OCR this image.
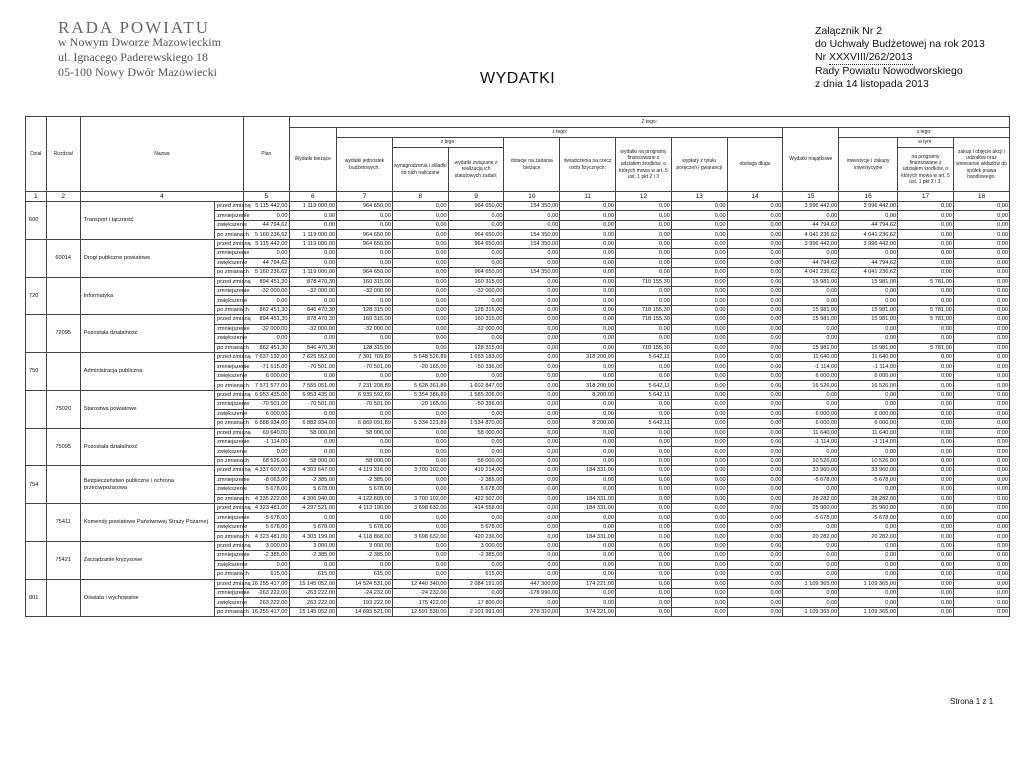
RADA POWIATU
w Nowym Dworze Mazowieckim
ul. Ignacego Paderewskiego 18
05-100 Nowy Dwór Mazowiecki	WYDATKI
Załącznik Nr 2
do Uchwały Budżetowej na rok 2013
Nr XXXVIII/262/2013
Rady Powiatu Nowodworskiego
z dnia 14 listopada 2013
Dział	Rozdział	Nazwa		Plan	Z tego:												
					Wydatki bieżące	z tego:								Wydatki majątkowe	z tego:		
						wydatki jednostek budżetowych,	z tego:		dotacje na zadania bieżące	świadczenia na rzecz osób fizycznych;	wydatki na programy finansowane z udziałem środków, o których mowa w art. 5 ust. 1 pkt 2 i 3	wypłaty z tytułu poręczeń i gwarancji	obsługa długu		inwestycje i zakupy inwestycyjne	w tym:	zakup i objęcie akcji i udziałów oraz wniesienie wkładów do spółek prawa handlowego.
							wynagrodzenia i składki od nich naliczane	wydatki związane z realizacją ich statutowych zadań;								na programy finansowane z udziałem środków, o których mowa w art. 5 ust. 1 pkt 2 i 3,	
1	2	4		5	6	7	8	9	10	11	12	13	14	15	16	17	18
600		Transport i łączność	przed zmianą	5 115 442,00	1 119 000,00	964 650,00	0,00	964 650,00	154 350,00	0,00	0,00	0,00	0,00	3 996 442,00	3 996 442,00	0,00	0,00
			zmniejszenie	0,00	0,00	0,00	0,00	0,00	0,00	0,00	0,00	0,00	0,00	0,00	0,00	0,00	0,00
			zwiększenie	44 794,62	0,00	0,00	0,00	0,00	0,00	0,00	0,00	0,00	0,00	44 794,62	44 794,62	0,00	0,00
			po zmianach	5 160 236,62	1 119 000,00	964 650,00	0,00	964 650,00	154 350,00	0,00	0,00	0,00	0,00	4 041 236,62	4 041 236,62	0,00	0,00
	60014	Drogi publiczne powiatowe	przed zmianą	5 115 442,00	1 119 000,00	964 650,00	0,00	964 650,00	154 350,00	0,00	0,00	0,00	0,00	3 996 442,00	3 996 442,00	0,00	0,00
			zmniejszenie	0,00	0,00	0,00	0,00	0,00	0,00	0,00	0,00	0,00	0,00	0,00	0,00	0,00	0,00
			zwiększenie	44 794,62	0,00	0,00	0,00	0,00	0,00	0,00	0,00	0,00	0,00	44 794,62	44 794,62	0,00	0,00
			po zmianach	5 160 236,62	1 119 000,00	964 650,00	0,00	964 650,00	154 350,00	0,00	0,00	0,00	0,00	4 041 236,62	4 041 236,62	0,00	0,00
720		Informatyka	przed zmianą	894 451,30	878 470,30	160 315,00	0,00	160 315,00	0,00	0,00	718 155,30	0,00	0,00	15 981,00	15 981,00	5 781,00	0,00
			zmniejszenie	-32 000,00	-32 000,00	-32 000,00	0,00	-32 000,00	0,00	0,00	0,00	0,00	0,00	0,00	0,00	0,00	0,00
			zwiększenie	0,00	0,00	0,00	0,00	0,00	0,00	0,00	0,00	0,00	0,00	0,00	0,00	0,00	0,00
			po zmianach	862 451,30	846 470,30	128 315,00	0,00	128 315,00	0,00	0,00	718 155,30	0,00	0,00	15 981,00	15 981,00	5 781,00	0,00
	72095	Pozostała działalność	przed zmianą	894 451,30	878 470,30	160 315,00	0,00	160 315,00	0,00	0,00	718 155,30	0,00	0,00	15 981,00	15 981,00	5 781,00	0,00
			zmniejszenie	-32 000,00	-32 000,00	-32 000,00	0,00	-32 000,00	0,00	0,00	0,00	0,00	0,00	0,00	0,00	0,00	0,00
			zwiększenie	0,00	0,00	0,00	0,00	0,00	0,00	0,00	0,00	0,00	0,00	0,00	0,00	0,00	0,00
			po zmianach	862 451,30	846 470,30	128 315,00	0,00	128 315,00	0,00	0,00	718 155,30	0,00	0,00	15 981,00	15 981,00	5 781,00	0,00
750		Administracja publiczna	przed zmianą	7 637 192,00	7 625 552,00	7 301 709,89	5 648 526,89	1 653 183,00	0,00	318 200,00	5 642,11	0,00	0,00	11 640,00	11 640,00	0,00	0,00
			zmniejszenie	-71 615,00	-70 501,00	-70 501,00	-20 165,00	-50 336,00	0,00	0,00	0,00	0,00	0,00	-1 114,00	-1 114,00	0,00	0,00
			zwiększenie	6 000,00	0,00	0,00	0,00	0,00	0,00	0,00	0,00	0,00	0,00	6 000,00	6 000,00	0,00	0,00
			po zmianach	7 571 577,00	7 555 051,00	7 231 208,89	5 628 361,89	1 602 847,00	0,00	318 200,00	5 642,11	0,00	0,00	16 526,00	16 526,00	0,00	0,00
	75020	Starostwa powiatowe	przed zmianą	6 953 435,00	6 953 435,00	6 939 592,89	5 354 386,89	1 585 206,00	0,00	8 200,00	5 642,11	0,00	0,00	0,00	0,00	0,00	0,00
			zmniejszenie	-70 501,00	-70 501,00	-70 501,00	-20 165,00	-50 336,00	0,00	0,00	0,00	0,00	0,00	0,00	0,00	0,00	0,00
			zwiększenie	6 000,00	0,00	0,00	0,00	0,00	0,00	0,00	0,00	0,00	0,00	6 000,00	6 000,00	0,00	0,00
			po zmianach	6 888 934,00	6 882 934,00	6 869 091,89	5 334 221,89	1 534 870,00	0,00	8 200,00	5 642,11	0,00	0,00	6 000,00	6 000,00	0,00	0,00
	75095	Pozostała działalność	przed zmianą	69 640,00	58 000,00	58 000,00	0,00	58 000,00	0,00	0,00	0,00	0,00	0,00	11 640,00	11 640,00	0,00	0,00
			zmniejszenie	-1 114,00	0,00	0,00	0,00	0,00	0,00	0,00	0,00	0,00	0,00	-1 114,00	-1 114,00	0,00	0,00
			zwiększenie	0,00	0,00	0,00	0,00	0,00	0,00	0,00	0,00	0,00	0,00	0,00	0,00	0,00	0,00
			po zmianach	68 526,00	58 000,00	58 000,00	0,00	58 000,00	0,00	0,00	0,00	0,00	0,00	10 526,00	10 526,00	0,00	0,00
754		Bezpieczeństwo publiczne i ochrona przeciwpożarowa	przed zmianą	4 337 607,00	4 303 647,00	4 119 316,00	3 700 102,00	419 214,00	0,00	184 331,00	0,00	0,00	0,00	33 960,00	33 960,00	0,00	0,00
			zmniejszenie	-8 063,00	-2 385,00	-2 385,00	0,00	-2 385,00	0,00	0,00	0,00	0,00	0,00	-5 678,00	-5 678,00	0,00	0,00
			zwiększenie	5 678,00	5 678,00	5 678,00	0,00	5 678,00	0,00	0,00	0,00	0,00	0,00	0,00	0,00	0,00	0,00
			po zmianach	4 335 222,00	4 306 940,00	4 122 609,00	3 700 102,00	422 507,00	0,00	184 331,00	0,00	0,00	0,00	28 282,00	28 282,00	0,00	0,00
	75411	Komendy powiatowe Państwowej Straży Pożarnej	przed zmianą	4 323 481,00	4 297 521,00	4 113 190,00	3 698 632,00	414 558,00	0,00	184 331,00	0,00	0,00	0,00	25 960,00	25 960,00	0,00	0,00
			zmniejszenie	-5 678,00	0,00	0,00	0,00	0,00	0,00	0,00	0,00	0,00	0,00	-5 678,00	-5 678,00	0,00	0,00
			zwiększenie	5 678,00	5 678,00	5 678,00	0,00	5 678,00	0,00	0,00	0,00	0,00	0,00	0,00	0,00	0,00	0,00
			po zmianach	4 323 481,00	4 303 199,00	4 118 868,00	3 698 632,00	420 236,00	0,00	184 331,00	0,00	0,00	0,00	20 282,00	20 282,00	0,00	0,00
	75421	Zarządzanie kryzysowe	przed zmianą	3 000,00	3 000,00	3 000,00	0,00	3 000,00	0,00	0,00	0,00	0,00	0,00	0,00	0,00	0,00	0,00
			zmniejszenie	-2 385,00	-2 385,00	-2 385,00	0,00	-2 385,00	0,00	0,00	0,00	0,00	0,00	0,00	0,00	0,00	0,00
			zwiększenie	0,00	0,00	0,00	0,00	0,00	0,00	0,00	0,00	0,00	0,00	0,00	0,00	0,00	0,00
			po zmianach	615,00	615,00	615,00	0,00	615,00	0,00	0,00	0,00	0,00	0,00	0,00	0,00	0,00	0,00
801		Oświata i wychowanie	przed zmianą	16 255 417,00	15 145 052,00	14 524 531,00	12 440 340,00	2 084 191,00	447 300,00	174 221,00	0,00	0,00	0,00	1 109 365,00	1 109 365,00	0,00	0,00
			zmniejszenie	-263 222,00	-263 222,00	-24 232,00	-24 232,00	0,00	-178 990,00	0,00	0,00	0,00	0,00	0,00	0,00	0,00	0,00
			zwiększenie	263 222,00	263 222,00	193 222,00	175 422,00	17 800,00	0,00	0,00	0,00	0,00	0,00	0,00	0,00	0,00	0,00
			po zmianach	16 255 417,00	15 145 052,00	14 693 521,00	12 591 530,00	2 101 991,00	278 310,00	174 221,00	0,00	0,00	0,00	1 109 365,00	1 109 365,00	0,00	0,00
Strona 1 z 1
